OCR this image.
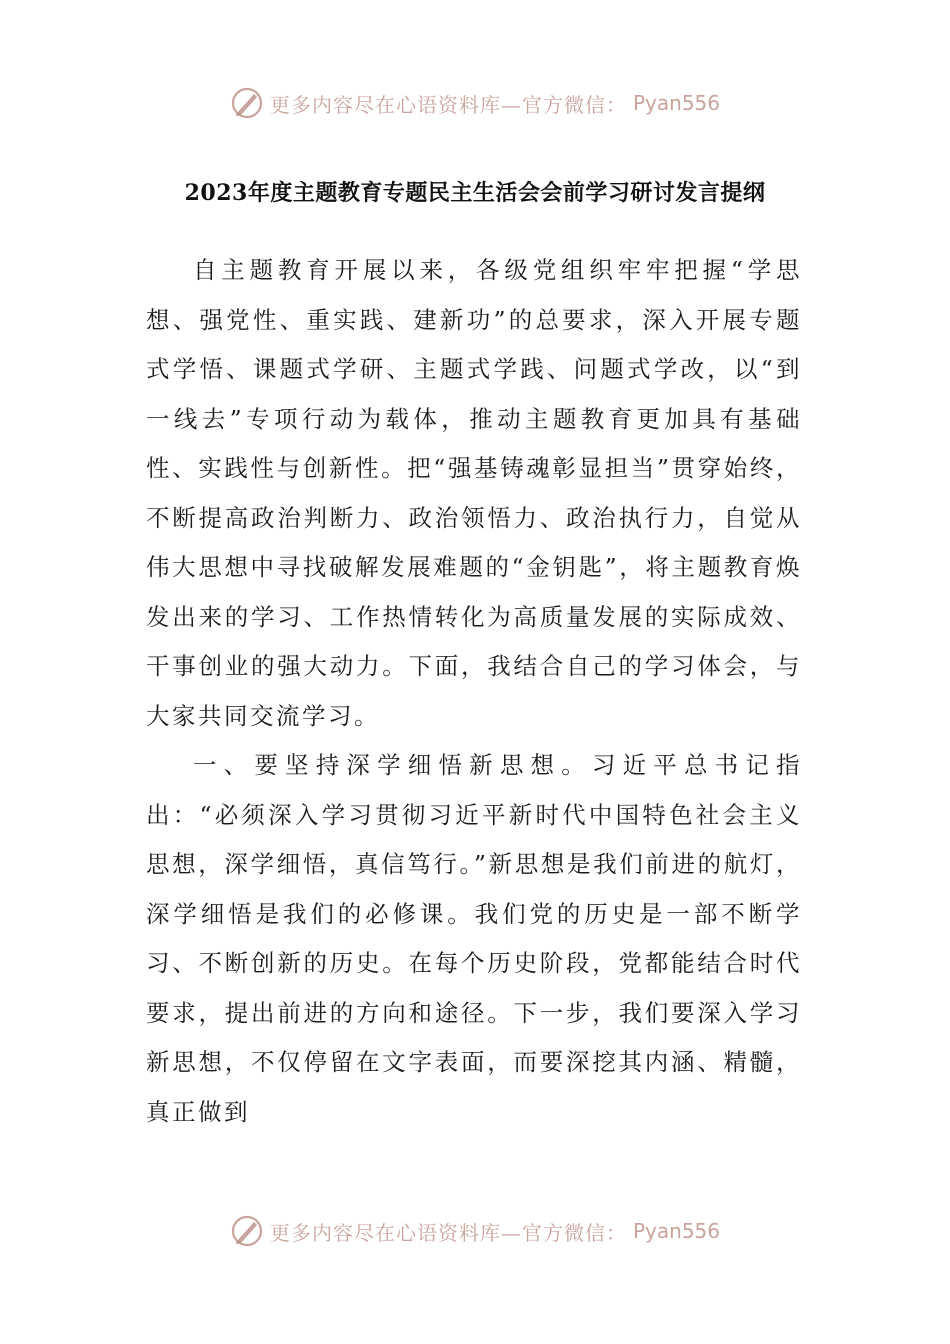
更多内容尽在心语资料库—官方微信： Pyan556
2023年度主题教育专题民主生活会会前学习研讨发言提纲

自主题教育开展以来，各级党组织牢牢把握“学思想、强党性、重实践、建新功”的总要求，深入开展专题式学悟、课题式学研、主题式学践、问题式学改，以“到一线去”专项行动为载体，推动主题教育更加具有基础性、实践性与创新性。把“强基铸魂彰显担当”贯穿始终，不断提高政治判断力、政治领悟力、政治执行力，自觉从伟大思想中寻找破解发展难题的“金钥匙”，将主题教育焕发出来的学习、工作热情转化为高质量发展的实际成效、干事创业的强大动力。下面，我结合自己的学习体会，与大家共同交流学习。

一、要坚持深学细悟新思想。习近平总书记指出：“必须深入学习贯彻习近平新时代中国特色社会主义思想，深学细悟，真信笃行。”新思想是我们前进的航灯，深学细悟是我们的必修课。我们党的历史是一部不断学习、不断创新的历史。在每个历史阶段，党都能结合时代要求，提出前进的方向和途径。下一步，我们要深入学习新思想，不仅停留在文字表面，而要深挖其内涵、精髓，真正做到

更多内容尽在心语资料库—官方微信： Pyan556
